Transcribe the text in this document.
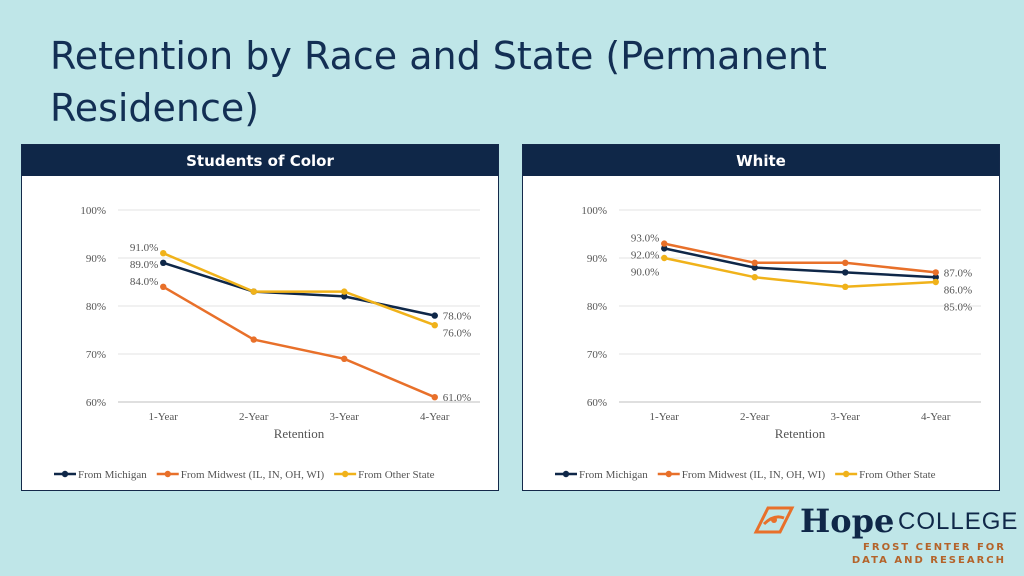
Retention by Race and State (Permanent Residence)
Students of Color
60%
70%
80%
90%
100%
1-Year	2-Year	3-Year	4-Year
Retention
91.0%
89.0%
84.0%
78.0%
76.0%
61.0%
From Michigan	From Midwest (IL, IN, OH, WI)	From Other State
White
60%
70%
80%
90%
100%
1-Year	2-Year	3-Year	4-Year
Retention
93.0%
92.0%
90.0%	87.0%
86.0%
85.0%
From Michigan	From Midwest (IL, IN, OH, WI)	From Other State
Hope COLLEGE
FROST CENTER FOR
DATA AND RESEARCH
